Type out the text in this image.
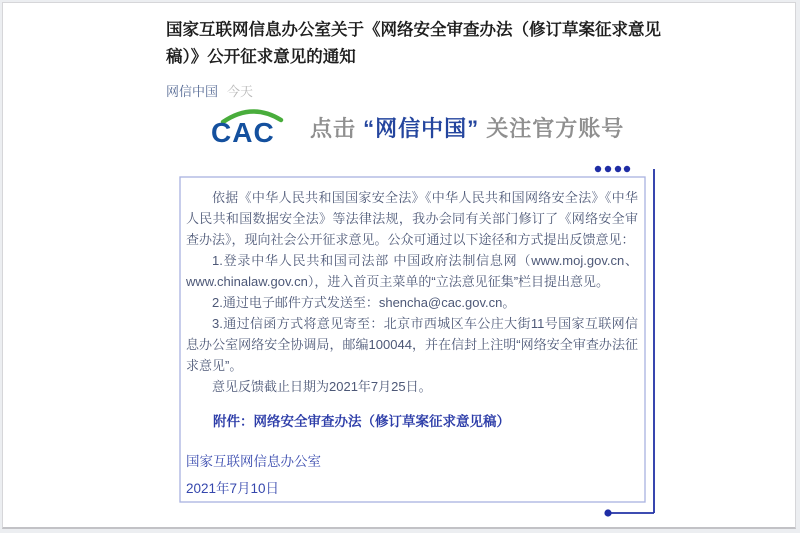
国家互联网信息办公室关于《网络安全审查办法（修订草案征求意见稿）》公开征求意见的通知
网信中国 今天
CAC 点击 “网信中国” 关注官方账号

依据《中华人民共和国国家安全法》《中华人民共和国网络安全法》《中华人民共和国数据安全法》等法律法规，我办会同有关部门修订了《网络安全审查办法》，现向社会公开征求意见。公众可通过以下途径和方式提出反馈意见：

1.登录中华人民共和国司法部 中国政府法制信息网（www.moj.gov.cn、www.chinalaw.gov.cn），进入首页主菜单的“立法意见征集”栏目提出意见。

2.通过电子邮件方式发送至：shencha@cac.gov.cn。

3.通过信函方式将意见寄至：北京市西城区车公庄大街11号国家互联网信息办公室网络安全协调局，邮编100044，并在信封上注明“网络安全审查办法征求意见”。

意见反馈截止日期为2021年7月25日。

附件：网络安全审查办法（修订草案征求意见稿）

国家互联网信息办公室

2021年7月10日
